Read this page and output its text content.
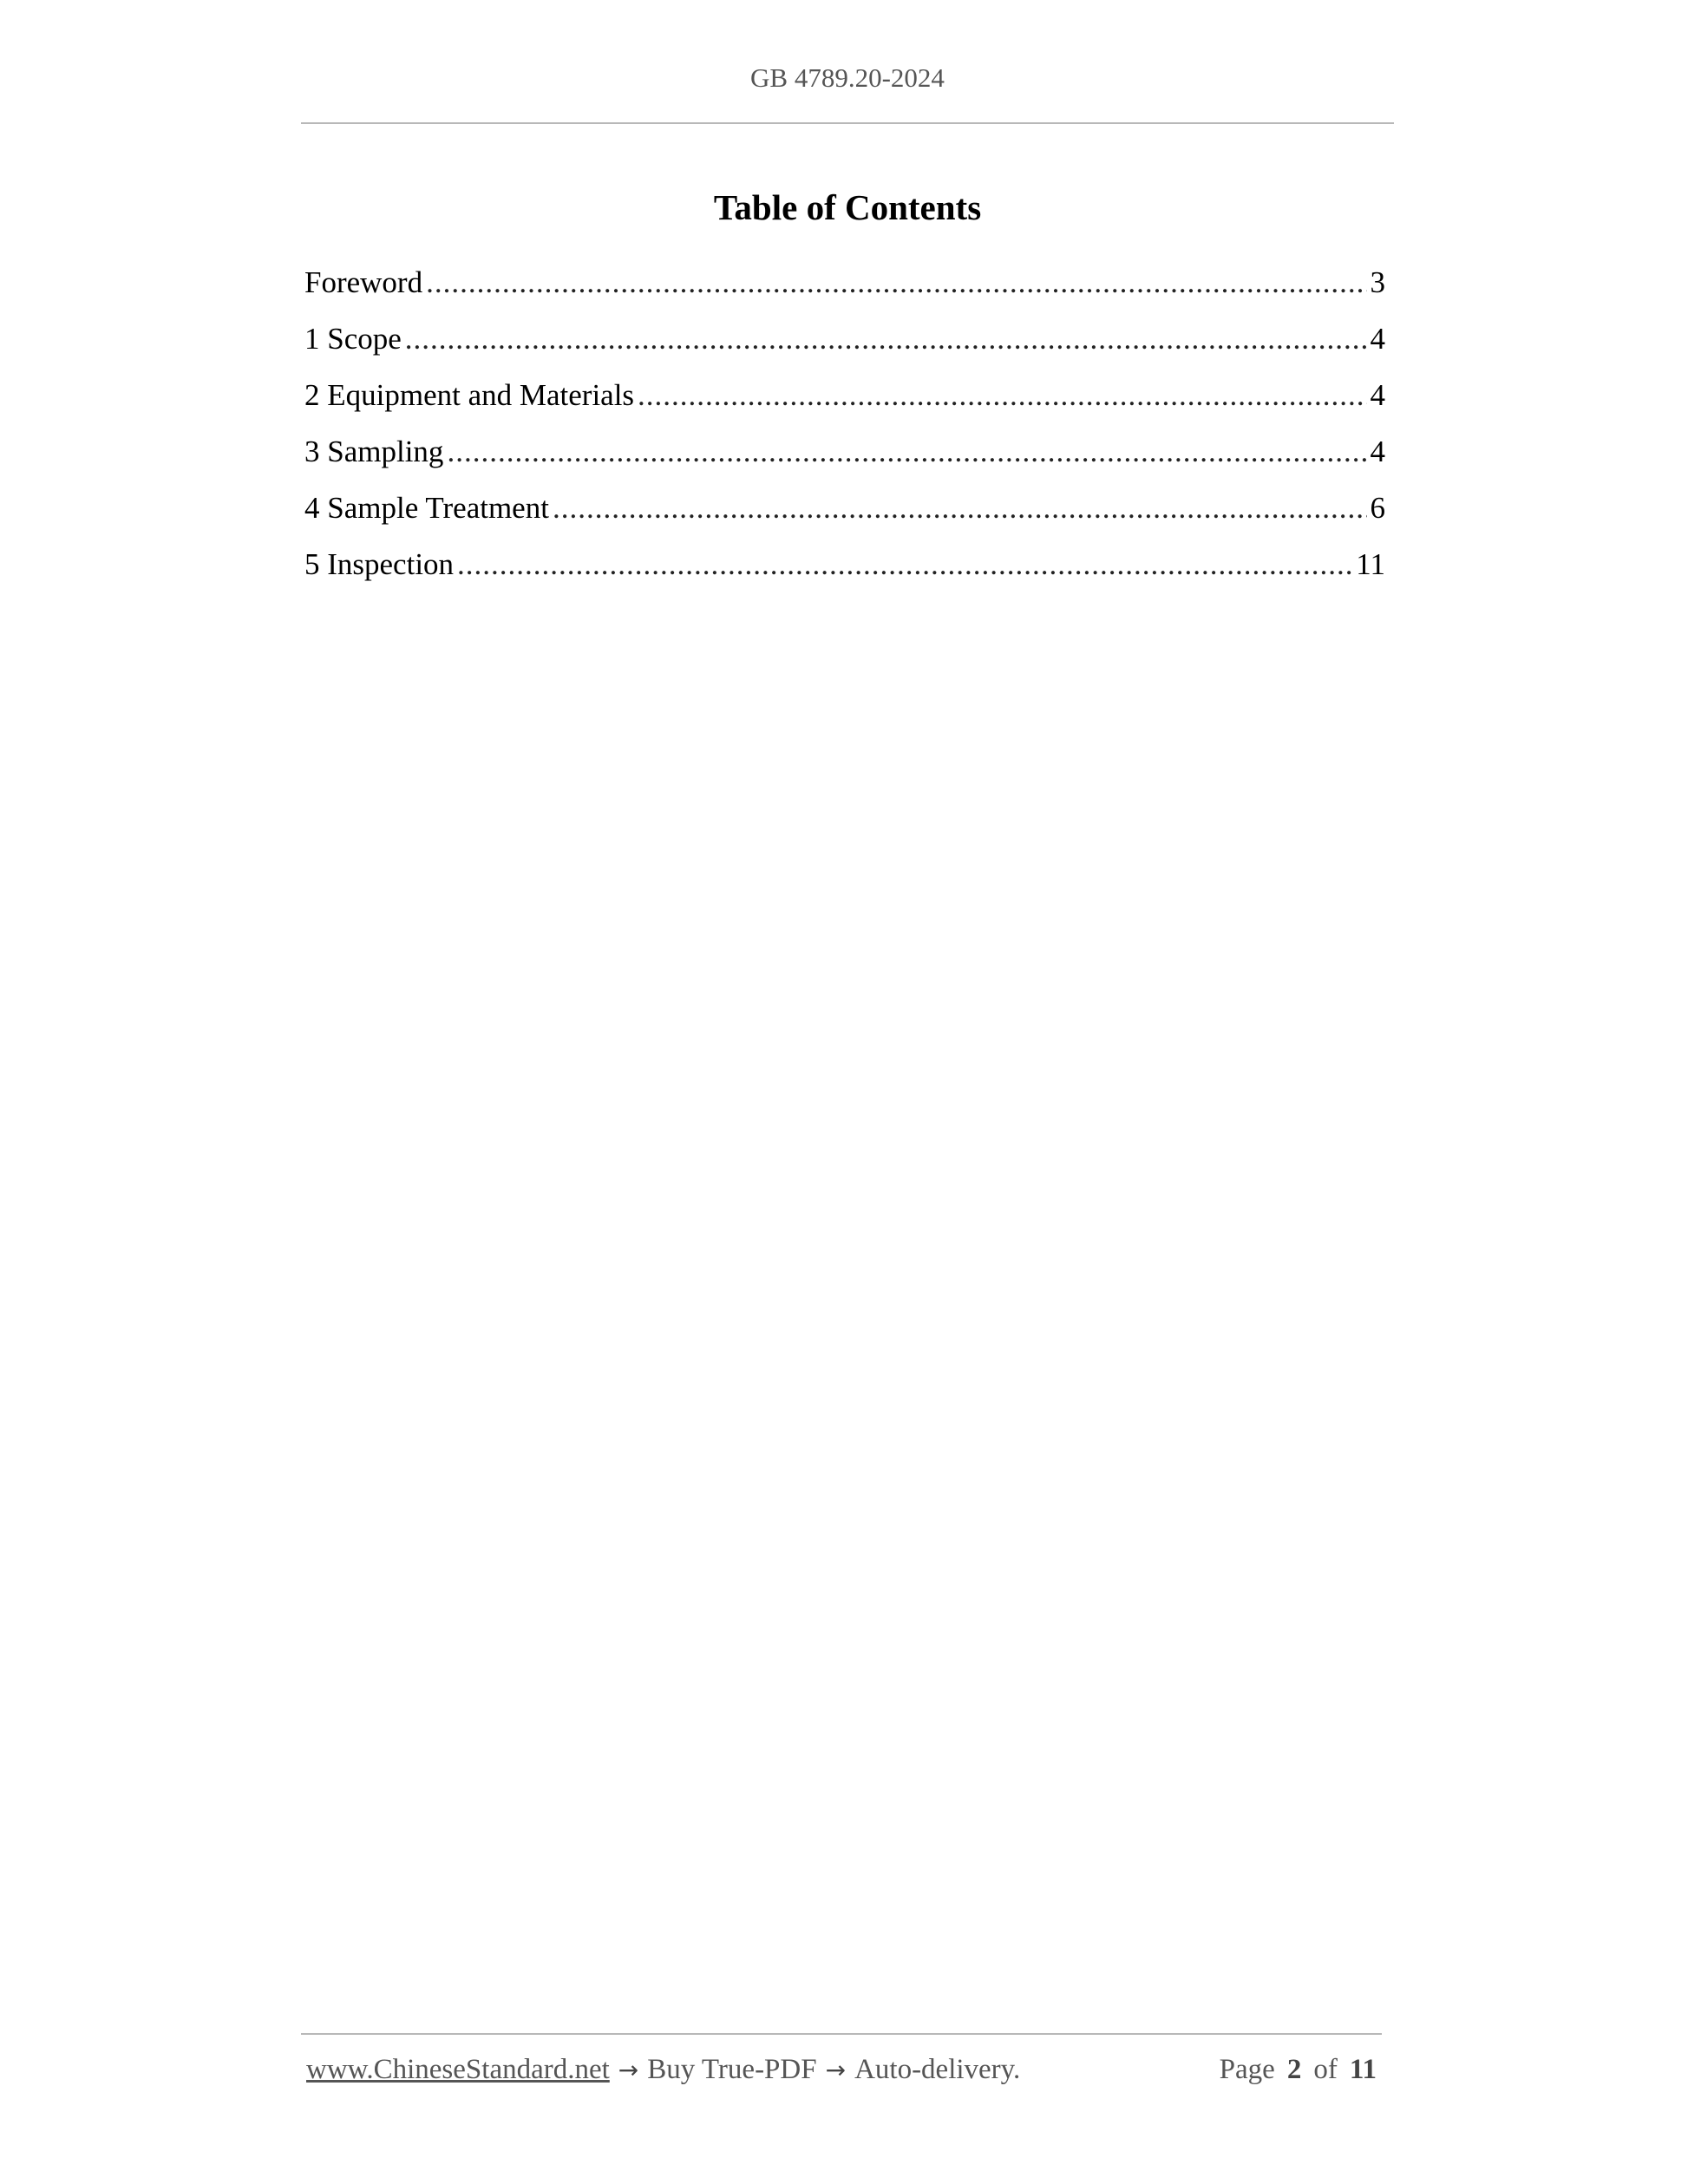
GB 4789.20-2024
Table of Contents
Foreword .....	3
1 Scope .....	4
2 Equipment and Materials .....	4
3 Sampling .....	4
4 Sample Treatment .....	6
5 Inspection .....	11
www.ChineseStandard.net → Buy True-PDF → Auto-delivery.	Page 2 of 11
